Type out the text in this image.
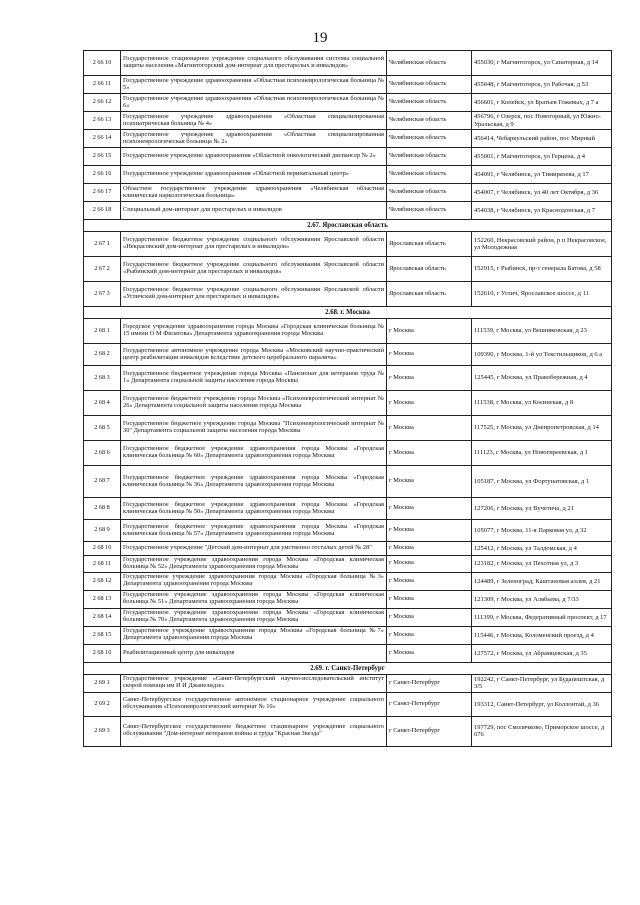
19
2 66 10	Государственное стационарное учреждение социального обслуживания системы социальной защиты населения «Магнитогорский дом-интернат для престарелых и инвалидов»	Челябинская область	455030, г Магнитогорск, ул Санаторная, д 14
2 66 11	Государственное учреждение здравоохранения «Областная психоневрологическая больница № 5»	Челябинская область	455048, г Магнитогорск, ул Рабочая, д 53
2 66 12	Государственное учреждение здравоохранения «Областная психоневрологическая больница № 6»	Челябинская область	456601, г Копейск, ул Братьев Гожевых, д 7 а
2 66 13	Государственное учреждение здравоохранения «Областная специализированная психиатрическая больница № 4»	Челябинская область	456796, г Озерск, пос Новогорный, ул Южно-Уральская, д 9
2 66 14	Государственное учреждение здравоохранения «Областная специализированная психоневрологическая больница № 2»	Челябинская область	456414, Чебаркульский район, пос Мирный
2 66 15	Государственное учреждение здравоохранения «Областной онкологический диспансер № 2»	Челябинская область	455001, г Магнитогорск, ул Герцена, д 4
2 66 16	Государственное учреждение здравоохранения «Областной перинатальный центр»	Челябинская область	454091, г Челябинск, ул Тимирязева, д 17
2 66 17	Областное государственное учреждение здравоохранения «Челябинская областная клиническая наркологическая больница»	Челябинская область	454007, г Челябинск, ул 40 лет Октября, д 36
2 66 18	Специальный дом-интернат для престарелых и инвалидов	Челябинская область	454038, г Челябинск, ул Краснодонская, д 7
2.67. Ярославская область			
2 67 1	Государственное бюджетное учреждение социального обслуживания Ярославской области «Некрасовский дом-интернат для престарелых и инвалидов»	Ярославская область	152260, Некрасовский район, р п Некрасовское, ул Молодежная
2 67 2	Государственное бюджетное учреждение социального обслуживания Ярославской области «Рыбинский дом-интернат для престарелых и инвалидов»	Ярославская область	152915, г Рыбинск, пр-т генерала Батова, д 58
2 67 3	Государственное бюджетное учреждение социального обслуживания Ярославской области «Угличский дом-интернат для престарелых и инвалидов»	Ярославская область	152610, г Углич, Ярославское шоссе, д 11
2.68. г. Москва			
2 68 1	Городское учреждение здравоохранения города Москвы «Городская клиническая больница № 15 имени О М Филатова» Департамента здравоохранения города Москвы	г Москва	111539, г Москва, ул Вешняковская, д 23
2 68 2	Государственное автономное учреждение города Москвы «Московский научно-практический центр реабилитации инвалидов вследствие детского церебрального паралича»	г Москва	109390, г Москва, 1-й ул Текстильщиков, д 6 а
2 68 3	Государственное бюджетное учреждение города Москвы «Пансионат для ветеранов труда № 1» Департамента социальной защиты населения города Москвы	г Москва	125445, г Москва, ул Правобережная, д 4
2 68 4	Государственное бюджетное учреждение города Москвы «Психоневрологический интернат № 26» Департамента социальной защиты населения города Москвы	г Москва	111538, г Москва, ул Косинская, д 8
2 68 5	Государственное бюджетное учреждение города Москвы "Психоневрологический интернат № 30" Департамента социальной защиты населения города Москвы	г Москва	117525, г Москва, ул Днепропетровская, д 14
2 68 6	Государственное бюджетное учреждение здравоохранения города Москвы «Городская клиническая больница № 60» Департамента здравоохранения города Москвы	г Москва	111123, г Москва, ул Новогиреевская, д 1
2 68 7	Государственное бюджетное учреждение здравоохранения города Москвы «Городская клиническая больница № 36» Департамента здравоохранения города Москвы	г Москва	105187, г Москва, ул Фортунатовская, д 1
2 68 8	Государственное бюджетное учреждение здравоохранения города Москвы «Городская клиническая больница № 50» Департамента здравоохранения города Москвы	г Москва	127206, г Москва, ул Вучетича, д 21
2 68 9	Государственное бюджетное учреждение здравоохранения города Москвы «Городская клиническая больница № 57» Департамента здравоохранения города Москвы	г Москва	105077, г Москва, 11-я Парковая ул, д 32
2 68 10	Государственное учреждение "Детский дом-интернат для умственно отсталых детей № 28"	г Москва	125412, г Москва, ул Талдомская, д 4
2 68 11	Государственное учреждение здравоохранения города Москвы «Городская клиническая больница № 52» Департамента здравоохранения города Москвы	г Москва	123182, г Москва, ул Пехотная ул, д 3
2 68 12	Государственное учреждение здравоохранения города Москвы «Городская больница №3» Департамента здравоохранения города Москвы	г Москва	124489, г Зеленоград, Каштановая аллея, д 21
2 68 13	Государственное учреждение здравоохранения города Москвы «Городская клиническая больница № 51» Департамента здравоохранения города Москвы	г Москва	121309, г Москва, ул Алябьева, д 7/33
2 68 14	Государственное учреждение здравоохранения города Москвы «Городская клиническая больница № 70» Департамента здравоохранения города Москвы	г Москва	111399, г Москва, Федеративный проспект, д 17
2 68 15	Государственное учреждение здравоохранения города Москвы «Городская больница №7» Департамента здравоохранения города Москвы	г Москва	115446, г Москва, Коломенский проезд, д 4
2 68 16	Реабилитационный центр для инвалидов	г Москва	127572, г Москва, ул Абрамцевская, д 35
2.69. г. Санкт-Петербург			
2 69 1	Государственное учреждение «Санкт-Петербургский научно-исследовательский институт скорой помощи им И И Джанелидзе»	г Санкт-Петербург	192242, г Санкт-Петербург, ул Будапештская, д 3/5
2 69 2	Санкт-Петербургское государственное автономное стационарное учреждение социального обслуживания «Психоневрологический интернат № 10»	г Санкт-Петербург	193312, Санкт-Петербург, ул Коллонтай, д 36
2 69 3	Санкт-Петербургское государственное бюджетное стационарное учреждение социального обслуживания "Дом-интернат ветеранов войны и труда "Красная Звезда"	г Санкт-Петербург	197729, пос Смолячково, Приморское шоссе, д 676
